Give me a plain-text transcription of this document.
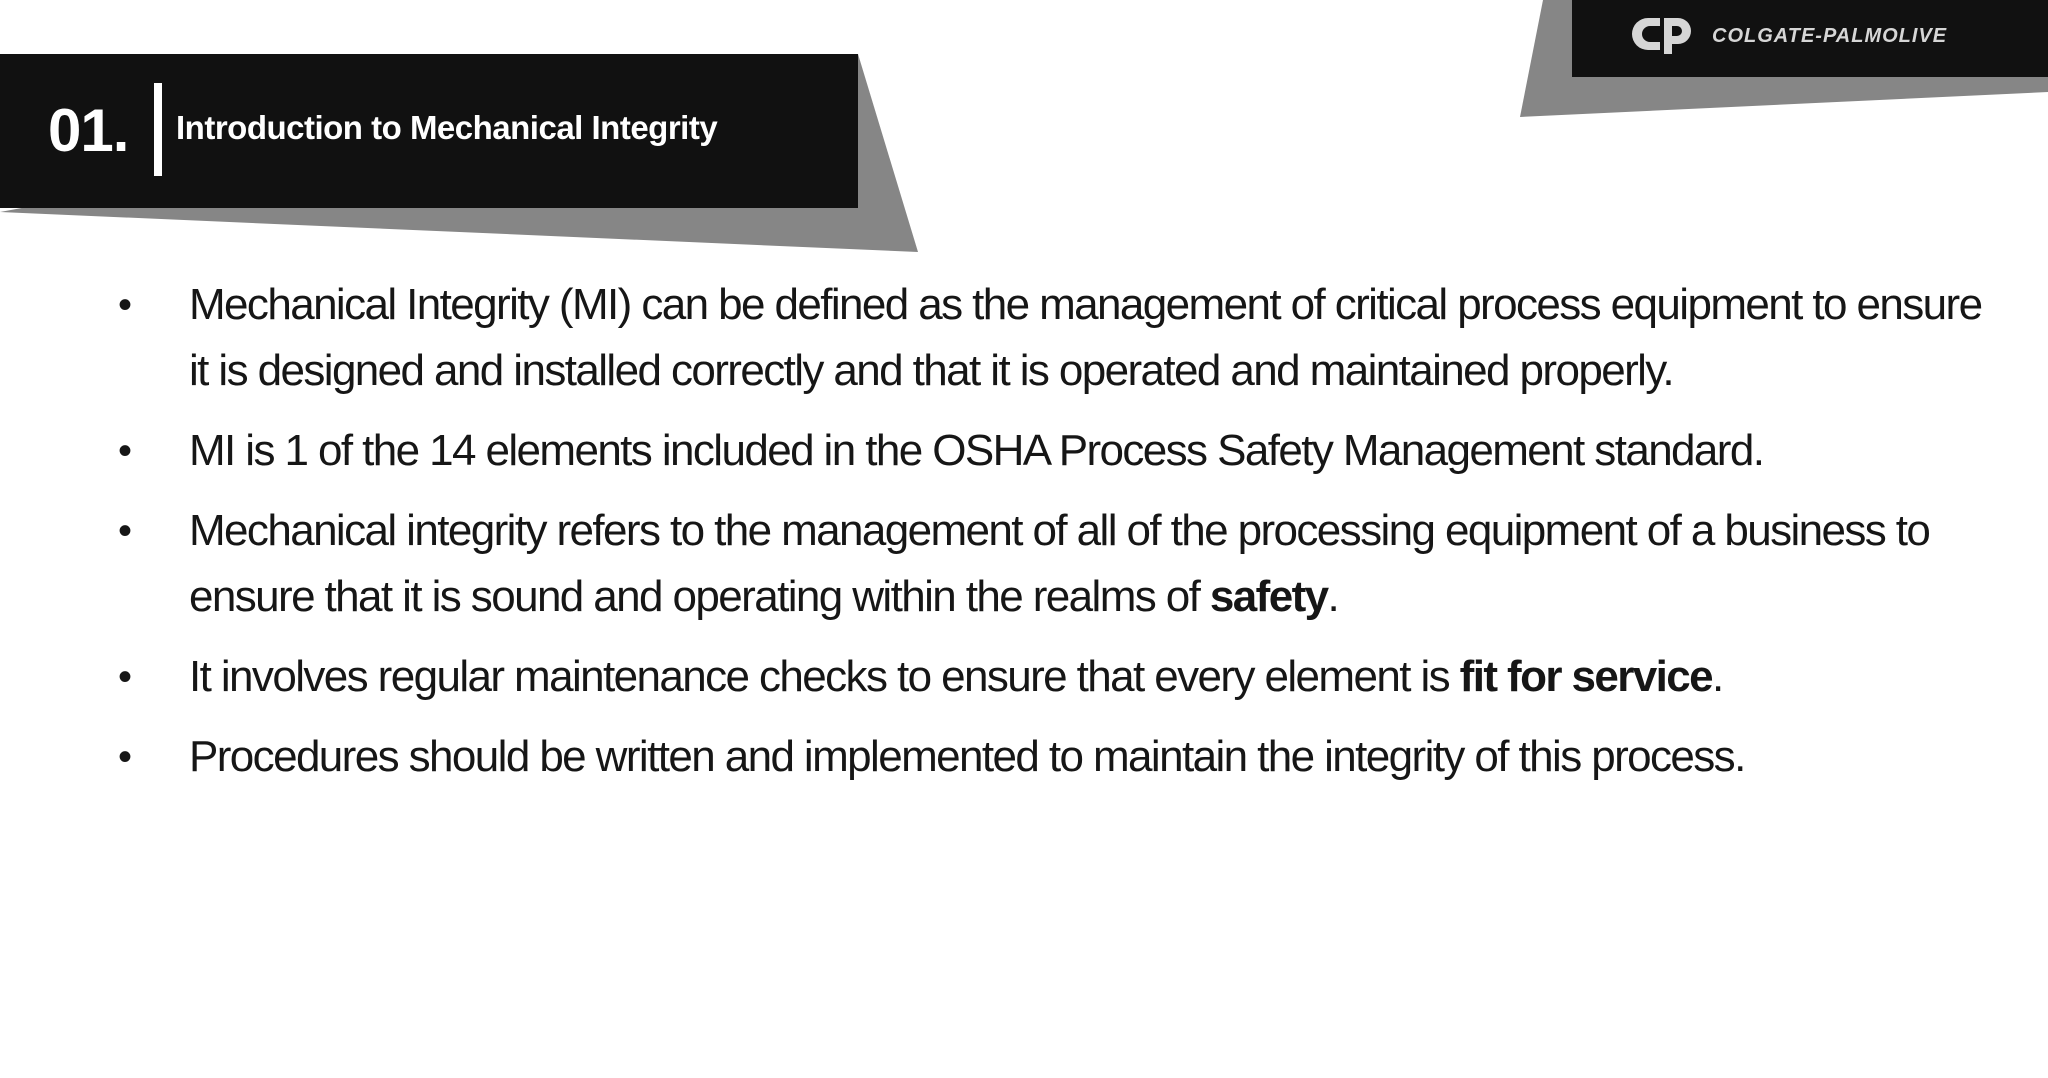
01. Introduction to Mechanical Integrity
COLGATE-PALMOLIVE
• Mechanical Integrity (MI) can be defined as the management of critical process equipment to ensure it is designed and installed correctly and that it is operated and maintained properly.
• MI is 1 of the 14 elements included in the OSHA Process Safety Management standard.
• Mechanical integrity refers to the management of all of the processing equipment of a business to ensure that it is sound and operating within the realms of safety.
• It involves regular maintenance checks to ensure that every element is fit for service.
• Procedures should be written and implemented to maintain the integrity of this process.
